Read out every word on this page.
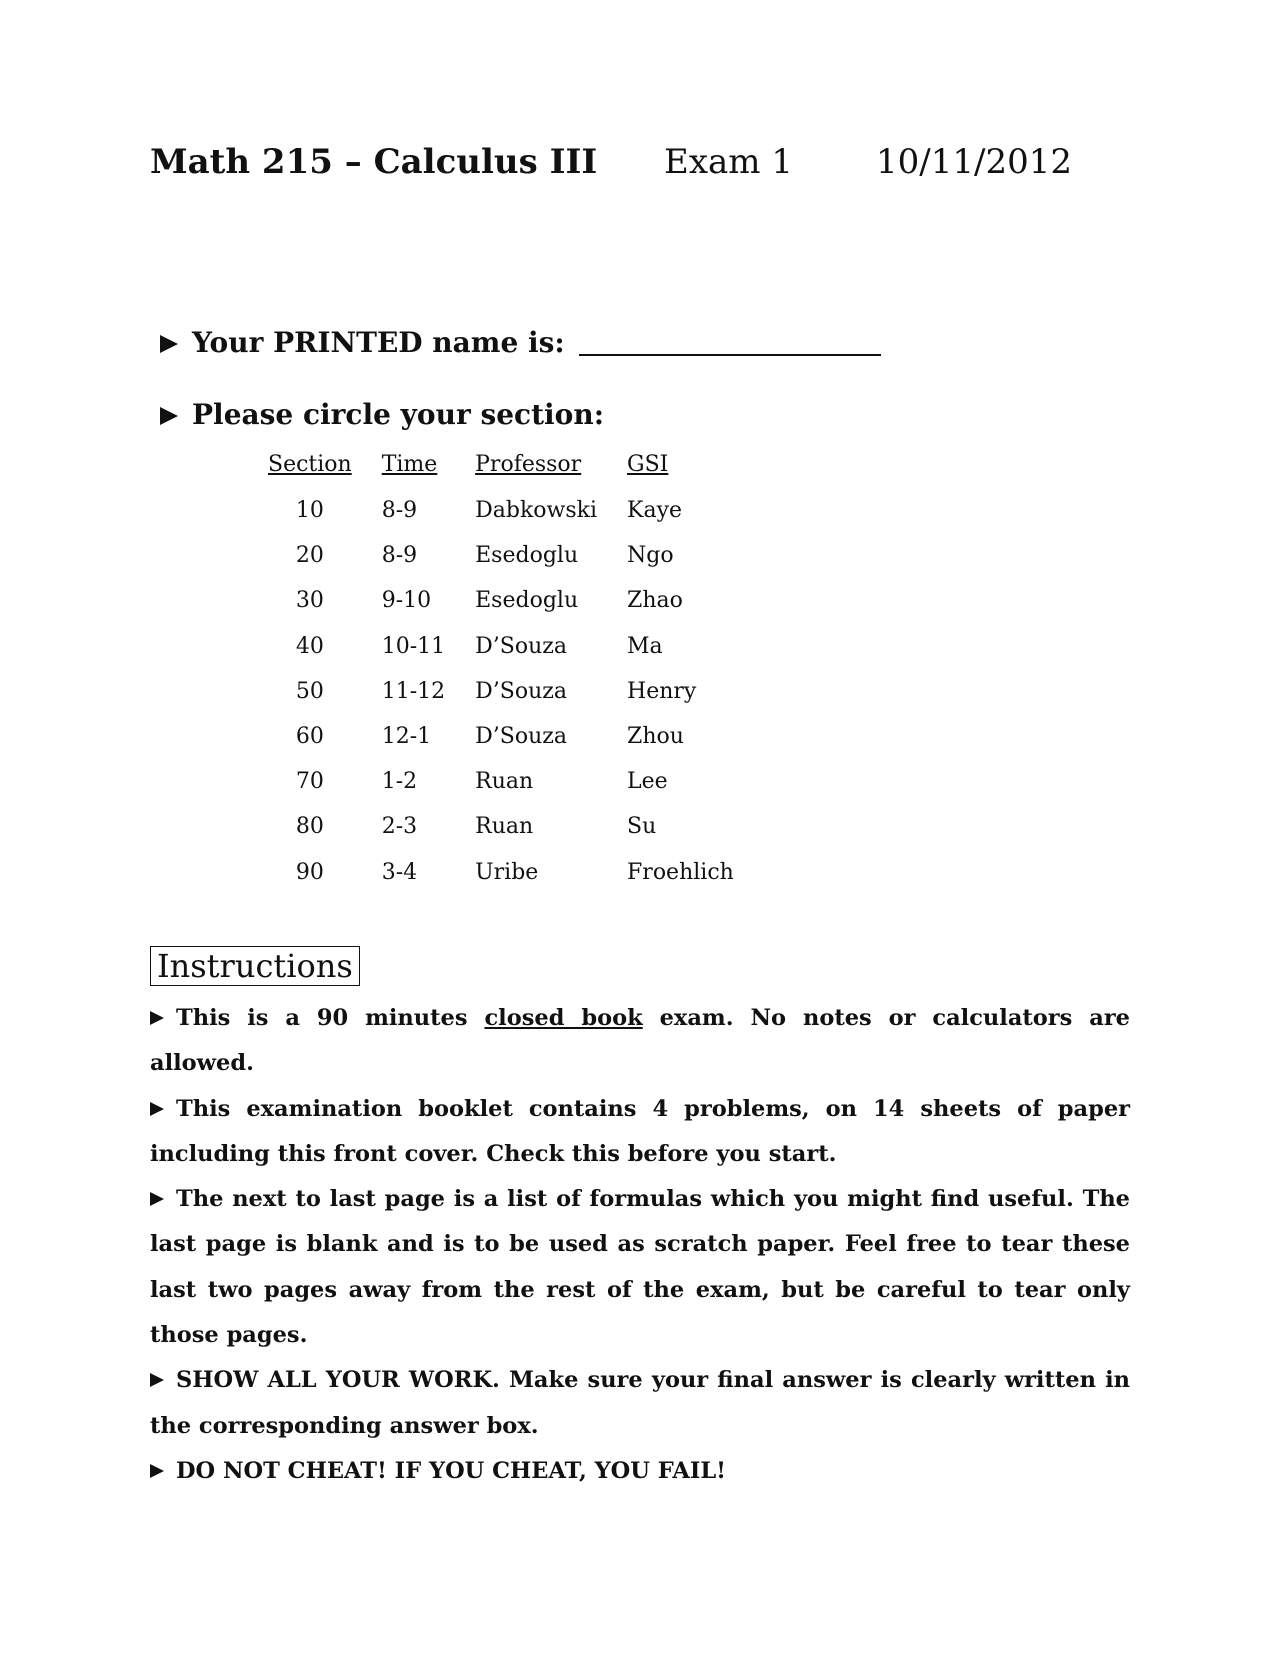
Math 215 – Calculus III Exam 1 10/11/2012
Your PRINTED name is:
Please circle your section:
Section	Time	Professor	GSI
10	8-9	Dabkowski	Kaye
20	8-9	Esedoglu	Ngo
30	9-10	Esedoglu	Zhao
40	10-11	D’Souza	Ma
50	11-12	D’Souza	Henry
60	12-1	D’Souza	Zhou
70	1-2	Ruan	Lee
80	2-3	Ruan	Su
90	3-4	Uribe	Froehlich
Instructions

This is a 90 minutes closed book exam. No notes or calculators are allowed.

This examination booklet contains 4 problems, on 14 sheets of paper including this front cover. Check this before you start.

The next to last page is a list of formulas which you might find useful. The last page is blank and is to be used as scratch paper. Feel free to tear these last two pages away from the rest of the exam, but be careful to tear only those pages.

SHOW ALL YOUR WORK. Make sure your final answer is clearly written in the corresponding answer box.

DO NOT CHEAT! IF YOU CHEAT, YOU FAIL!
